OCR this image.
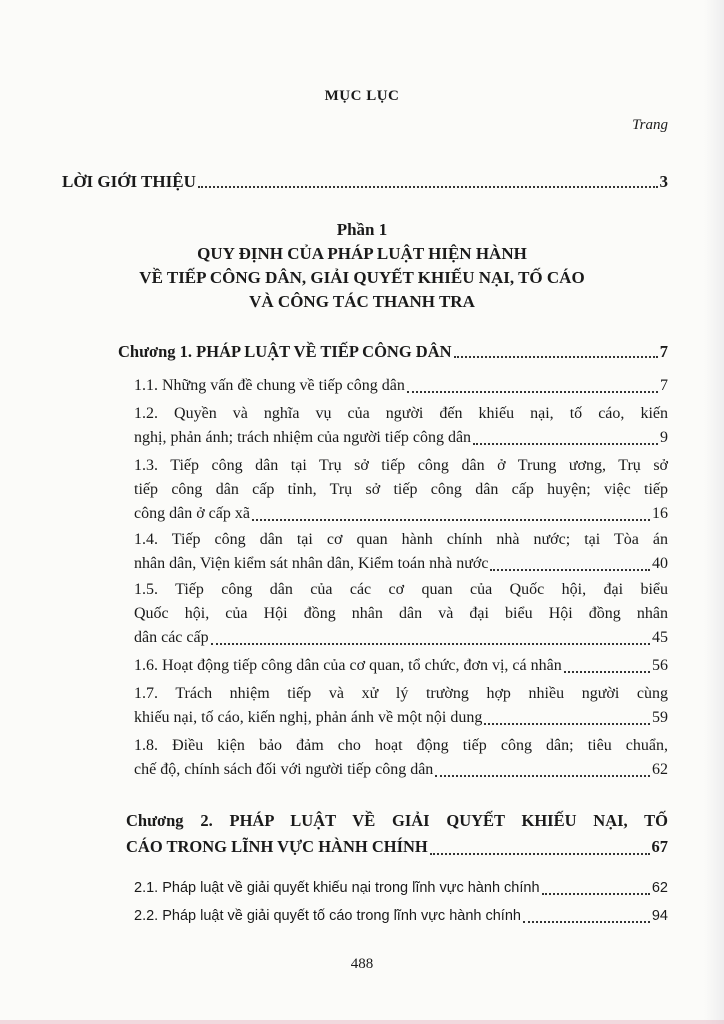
MỤC LỤC
Trang
LỜI GIỚI THIỆU	3
Phần 1
QUY ĐỊNH CỦA PHÁP LUẬT HIỆN HÀNH
VỀ TIẾP CÔNG DÂN, GIẢI QUYẾT KHIẾU NẠI, TỐ CÁO
VÀ CÔNG TÁC THANH TRA
Chương 1. PHÁP LUẬT VỀ TIẾP CÔNG DÂN	7
1.1. Những vấn đề chung về tiếp công dân	7
1.2. Quyền và nghĩa vụ của người đến khiếu nại, tố cáo, kiến
nghị, phản ánh; trách nhiệm của người tiếp công dân	9
1.3. Tiếp công dân tại Trụ sở tiếp công dân ở Trung ương, Trụ sở
tiếp công dân cấp tỉnh, Trụ sở tiếp công dân cấp huyện; việc tiếp
công dân ở cấp xã	16
1.4. Tiếp công dân tại cơ quan hành chính nhà nước; tại Tòa án
nhân dân, Viện kiểm sát nhân dân, Kiểm toán nhà nước	40
1.5. Tiếp công dân của các cơ quan của Quốc hội, đại biểu
Quốc hội, của Hội đồng nhân dân và đại biểu Hội đồng nhân
dân các cấp	45
1.6. Hoạt động tiếp công dân của cơ quan, tổ chức, đơn vị, cá nhân	56
1.7. Trách nhiệm tiếp và xử lý trường hợp nhiều người cùng
khiếu nại, tố cáo, kiến nghị, phản ánh về một nội dung	59
1.8. Điều kiện bảo đảm cho hoạt động tiếp công dân; tiêu chuẩn,
chế độ, chính sách đối với người tiếp công dân	62
Chương 2. PHÁP LUẬT VỀ GIẢI QUYẾT KHIẾU NẠI, TỐ
CÁO TRONG LĨNH VỰC HÀNH CHÍNH	67
2.1. Pháp luật về giải quyết khiếu nại trong lĩnh vực hành chính	62
2.2. Pháp luật về giải quyết tố cáo trong lĩnh vực hành chính	94
488
